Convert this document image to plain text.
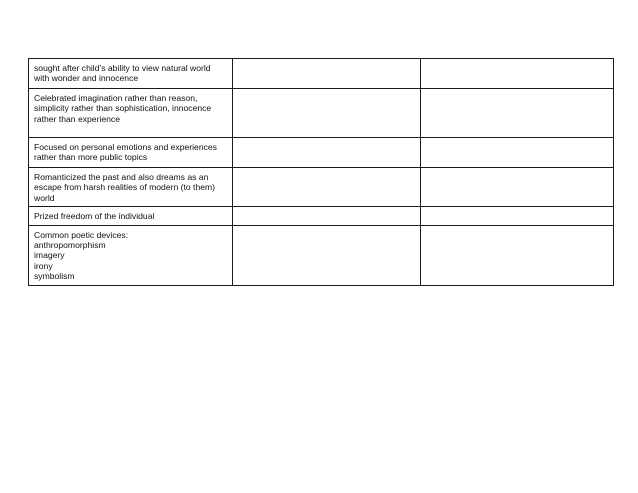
sought after child’s ability to view natural world
with wonder and innocence		

Celebrated imagination rather than reason,
simplicity rather than sophistication, innocence
rather than experience		

Focused on personal emotions and experiences
rather than more public topics		

Romanticized the past and also dreams as an
escape from harsh realities of modern (to them)
world		

Prized freedom of the individual		

Common poetic devices:
anthropomorphism
imagery
irony
symbolism		
